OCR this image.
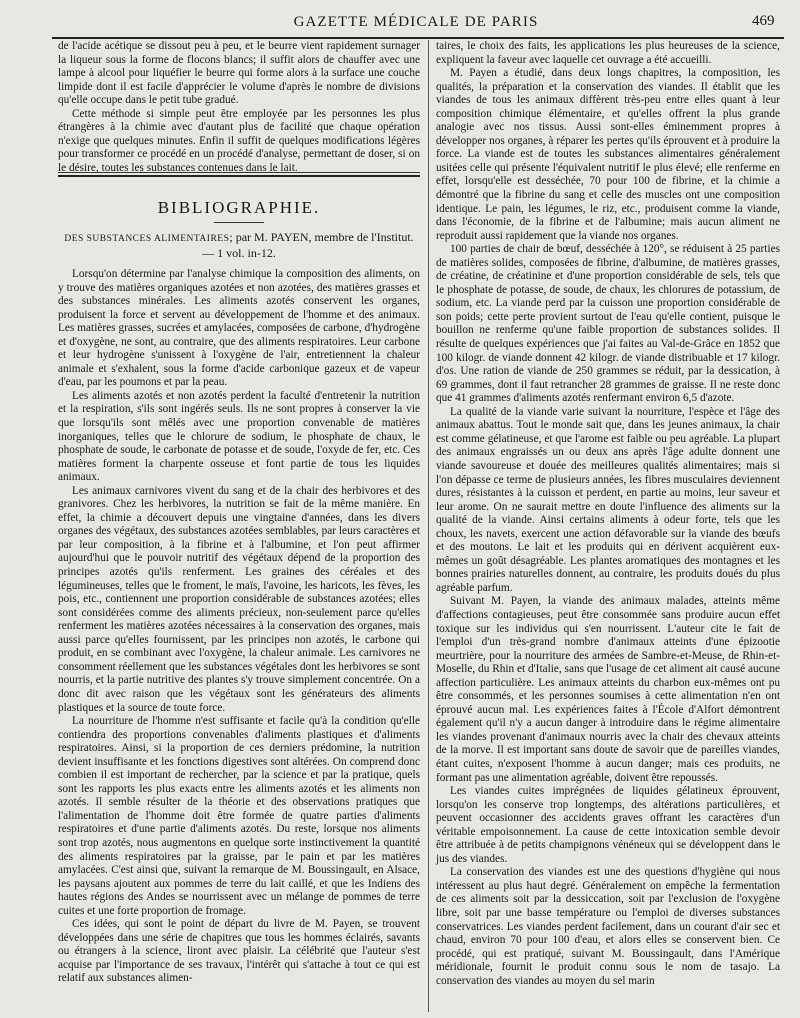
GAZETTE MÉDICALE DE PARIS	469

de l'acide acétique se dissout peu à peu, et le beurre vient rapidement surnager la liqueur sous la forme de flocons blancs; il suffit alors de chauffer avec une lampe à alcool pour liquéfier le beurre qui forme alors à la surface une couche limpide dont il est facile d'apprécier le volume d'après le nombre de divisions qu'elle occupe dans le petit tube gradué.

Cette méthode si simple peut être employée par les personnes les plus étrangères à la chimie avec d'autant plus de facilité que chaque opération n'exige que quelques minutes. Enfin il suffit de quelques modifications légères pour transformer ce procédé en un procédé d'analyse, permettant de doser, si on le désire, toutes les substances contenues dans le lait.

BIBLIOGRAPHIE.
DES SUBSTANCES ALIMENTAIRES; par M. PAYEN, membre de l'Institut. — 1 vol. in-12.

Lorsqu'on détermine par l'analyse chimique la composition des aliments, on y trouve des matières organiques azotées et non azotées, des matières grasses et des substances minérales. Les aliments azotés conservent les organes, produisent la force et servent au développement de l'homme et des animaux. Les matières grasses, sucrées et amylacées, composées de carbone, d'hydrogène et d'oxygène, ne sont, au contraire, que des aliments respiratoires. Leur carbone et leur hydrogène s'unissent à l'oxygène de l'air, entretiennent la chaleur animale et s'exhalent, sous la forme d'acide carbonique gazeux et de vapeur d'eau, par les poumons et par la peau.

Les aliments azotés et non azotés perdent la faculté d'entretenir la nutrition et la respiration, s'ils sont ingérés seuls. Ils ne sont propres à conserver la vie que lorsqu'ils sont mêlés avec une proportion convenable de matières inorganiques, telles que le chlorure de sodium, le phosphate de chaux, le phosphate de soude, le carbonate de potasse et de soude, l'oxyde de fer, etc. Ces matières forment la charpente osseuse et font partie de tous les liquides animaux.

Les animaux carnivores vivent du sang et de la chair des herbivores et des granivores. Chez les herbivores, la nutrition se fait de la même manière. En effet, la chimie a découvert depuis une vingtaine d'années, dans les divers organes des végétaux, des substances azotées semblables, par leurs caractères et par leur composition, à la fibrine et à l'albumine, et l'on peut affirmer aujourd'hui que le pouvoir nutritif des végétaux dépend de la proportion des principes azotés qu'ils renferment. Les graines des céréales et des légumineuses, telles que le froment, le maïs, l'avoine, les haricots, les fèves, les pois, etc., contiennent une proportion considérable de substances azotées; elles sont considérées comme des aliments précieux, non-seulement parce qu'elles renferment les matières azotées nécessaires à la conservation des organes, mais aussi parce qu'elles fournissent, par les principes non azotés, le carbone qui produit, en se combinant avec l'oxygène, la chaleur animale. Les carnivores ne consomment réellement que les substances végétales dont les herbivores se sont nourris, et la partie nutritive des plantes s'y trouve simplement concentrée. On a donc dit avec raison que les végétaux sont les générateurs des aliments plastiques et la source de toute force.

La nourriture de l'homme n'est suffisante et facile qu'à la condition qu'elle contiendra des proportions convenables d'aliments plastiques et d'aliments respiratoires. Ainsi, si la proportion de ces derniers prédomine, la nutrition devient insuffisante et les fonctions digestives sont altérées. On comprend donc combien il est important de rechercher, par la science et par la pratique, quels sont les rapports les plus exacts entre les aliments azotés et les aliments non azotés. Il semble résulter de la théorie et des observations pratiques que l'alimentation de l'homme doit être formée de quatre parties d'aliments respiratoires et d'une partie d'aliments azotés. Du reste, lorsque nos aliments sont trop azotés, nous augmentons en quelque sorte instinctivement la quantité des aliments respiratoires par la graisse, par le pain et par les matières amylacées. C'est ainsi que, suivant la remarque de M. Boussingault, en Alsace, les paysans ajoutent aux pommes de terre du lait caillé, et que les Indiens des hautes régions des Andes se nourrissent avec un mélange de pommes de terre cuites et une forte proportion de fromage.

Ces idées, qui sont le point de départ du livre de M. Payen, se trouvent développées dans une série de chapitres que tous les hommes éclairés, savants ou étrangers à la science, liront avec plaisir. La célébrité que l'auteur s'est acquise par l'importance de ses travaux, l'intérêt qui s'attache à tout ce qui est relatif aux substances alimen-

taires, le choix des faits, les applications les plus heureuses de la science, expliquent la faveur avec laquelle cet ouvrage a été accueilli.

M. Payen a étudié, dans deux longs chapitres, la composition, les qualités, la préparation et la conservation des viandes. Il établit que les viandes de tous les animaux diffèrent très-peu entre elles quant à leur composition chimique élémentaire, et qu'elles offrent la plus grande analogie avec nos tissus. Aussi sont-elles éminemment propres à développer nos organes, à réparer les pertes qu'ils éprouvent et à produire la force. La viande est de toutes les substances alimentaires généralement usitées celle qui présente l'équivalent nutritif le plus élevé; elle renferme en effet, lorsqu'elle est desséchée, 70 pour 100 de fibrine, et la chimie a démontré que la fibrine du sang et celle des muscles ont une composition identique. Le pain, les légumes, le riz, etc., produisent comme la viande, dans l'économie, de la fibrine et de l'albumine; mais aucun aliment ne reproduit aussi rapidement que la viande nos organes.

100 parties de chair de bœuf, desséchée à 120°, se réduisent à 25 parties de matières solides, composées de fibrine, d'albumine, de matières grasses, de créatine, de créatinine et d'une proportion considérable de sels, tels que le phosphate de potasse, de soude, de chaux, les chlorures de potassium, de sodium, etc. La viande perd par la cuisson une proportion considérable de son poids; cette perte provient surtout de l'eau qu'elle contient, puisque le bouillon ne renferme qu'une faible proportion de substances solides. Il résulte de quelques expériences que j'ai faites au Val-de-Grâce en 1852 que 100 kilogr. de viande donnent 42 kilogr. de viande distribuable et 17 kilogr. d'os. Une ration de viande de 250 grammes se réduit, par la dessication, à 69 grammes, dont il faut retrancher 28 grammes de graisse. Il ne reste donc que 41 grammes d'aliments azotés renfermant environ 6,5 d'azote.

La qualité de la viande varie suivant la nourriture, l'espèce et l'âge des animaux abattus. Tout le monde sait que, dans les jeunes animaux, la chair est comme gélatineuse, et que l'arome est faible ou peu agréable. La plupart des animaux engraissés un ou deux ans après l'âge adulte donnent une viande savoureuse et douée des meilleures qualités alimentaires; mais si l'on dépasse ce terme de plusieurs années, les fibres musculaires deviennent dures, résistantes à la cuisson et perdent, en partie au moins, leur saveur et leur arome. On ne saurait mettre en doute l'influence des aliments sur la qualité de la viande. Ainsi certains aliments à odeur forte, tels que les choux, les navets, exercent une action défavorable sur la viande des bœufs et des moutons. Le lait et les produits qui en dérivent acquièrent eux-mêmes un goût désagréable. Les plantes aromatiques des montagnes et les bonnes prairies naturelles donnent, au contraire, les produits doués du plus agréable parfum.

Suivant M. Payen, la viande des animaux malades, atteints même d'affections contagieuses, peut être consommée sans produire aucun effet toxique sur les individus qui s'en nourrissent. L'auteur cite le fait de l'emploi d'un très-grand nombre d'animaux atteints d'une épizootie meurtrière, pour la nourriture des armées de Sambre-et-Meuse, de Rhin-et-Moselle, du Rhin et d'Italie, sans que l'usage de cet aliment ait causé aucune affection particulière. Les animaux atteints du charbon eux-mêmes ont pu être consommés, et les personnes soumises à cette alimentation n'en ont éprouvé aucun mal. Les expériences faites à l'École d'Alfort démontrent également qu'il n'y a aucun danger à introduire dans le régime alimentaire les viandes provenant d'animaux nourris avec la chair des chevaux atteints de la morve. Il est important sans doute de savoir que de pareilles viandes, étant cuites, n'exposent l'homme à aucun danger; mais ces produits, ne formant pas une alimentation agréable, doivent être repoussés.

Les viandes cuites imprégnées de liquides gélatineux éprouvent, lorsqu'on les conserve trop longtemps, des altérations particulières, et peuvent occasionner des accidents graves offrant les caractères d'un véritable empoisonnement. La cause de cette intoxication semble devoir être attribuée à de petits champignons vénéneux qui se développent dans le jus des viandes.

La conservation des viandes est une des questions d'hygiène qui nous intéressent au plus haut degré. Généralement on empêche la fermentation de ces aliments soit par la dessiccation, soit par l'exclusion de l'oxygène libre, soit par une basse température ou l'emploi de diverses substances conservatrices. Les viandes perdent facilement, dans un courant d'air sec et chaud, environ 70 pour 100 d'eau, et alors elles se conservent bien. Ce procédé, qui est pratiqué, suivant M. Boussingault, dans l'Amérique méridionale, fournit le produit connu sous le nom de tasajo. La conservation des viandes au moyen du sel marin
